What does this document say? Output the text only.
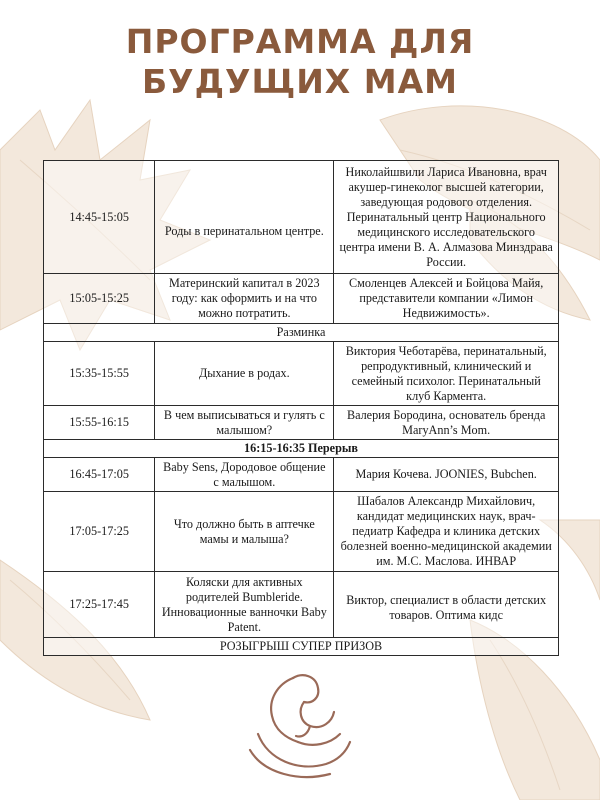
ПРОГРАММА ДЛЯ
БУДУЩИХ МАМ
14:45-15:05	Роды в перинатальном центре.	Николайшвили Лариса Ивановна, врач акушер-гинеколог высшей категории, заведующая родового отделения. Перинатальный центр Национального медицинского исследовательского центра имени В. А. Алмазова Минздрава России.
15:05-15:25	Материнский капитал в 2023 году: как оформить и на что можно потратить.	Смоленцев Алексей и Бойцова Майя, представители компании «Лимон Недвижимость».
Разминка		
15:35-15:55	Дыхание в родах.	Виктория Чеботарёва, перинатальный, репродуктивный, клинический и семейный психолог. Перинатальный клуб Кармента.
15:55-16:15	В чем выписываться и гулять с малышом?	Валерия Бородина, основатель бренда MaryAnn’s Mom.
16:15-16:35 Перерыв		
16:45-17:05	Baby Sens, Дородовое общение с малышом.	Мария Кочева. JOONIES, Bubchen.
17:05-17:25	Что должно быть в аптечке мамы и малыша?	Шабалов Александр Михайлович, кандидат медицинских наук, врач-педиатр Кафедра и клиника детских болезней военно-медицинской академии им. М.С. Маслова. ИНВАР
17:25-17:45	Коляски для активных родителей Bumbleride. Инновационные ванночки Baby Patent.	Виктор, специалист в области детских товаров. Оптима кидс
РОЗЫГРЫШ СУПЕР ПРИЗОВ		
